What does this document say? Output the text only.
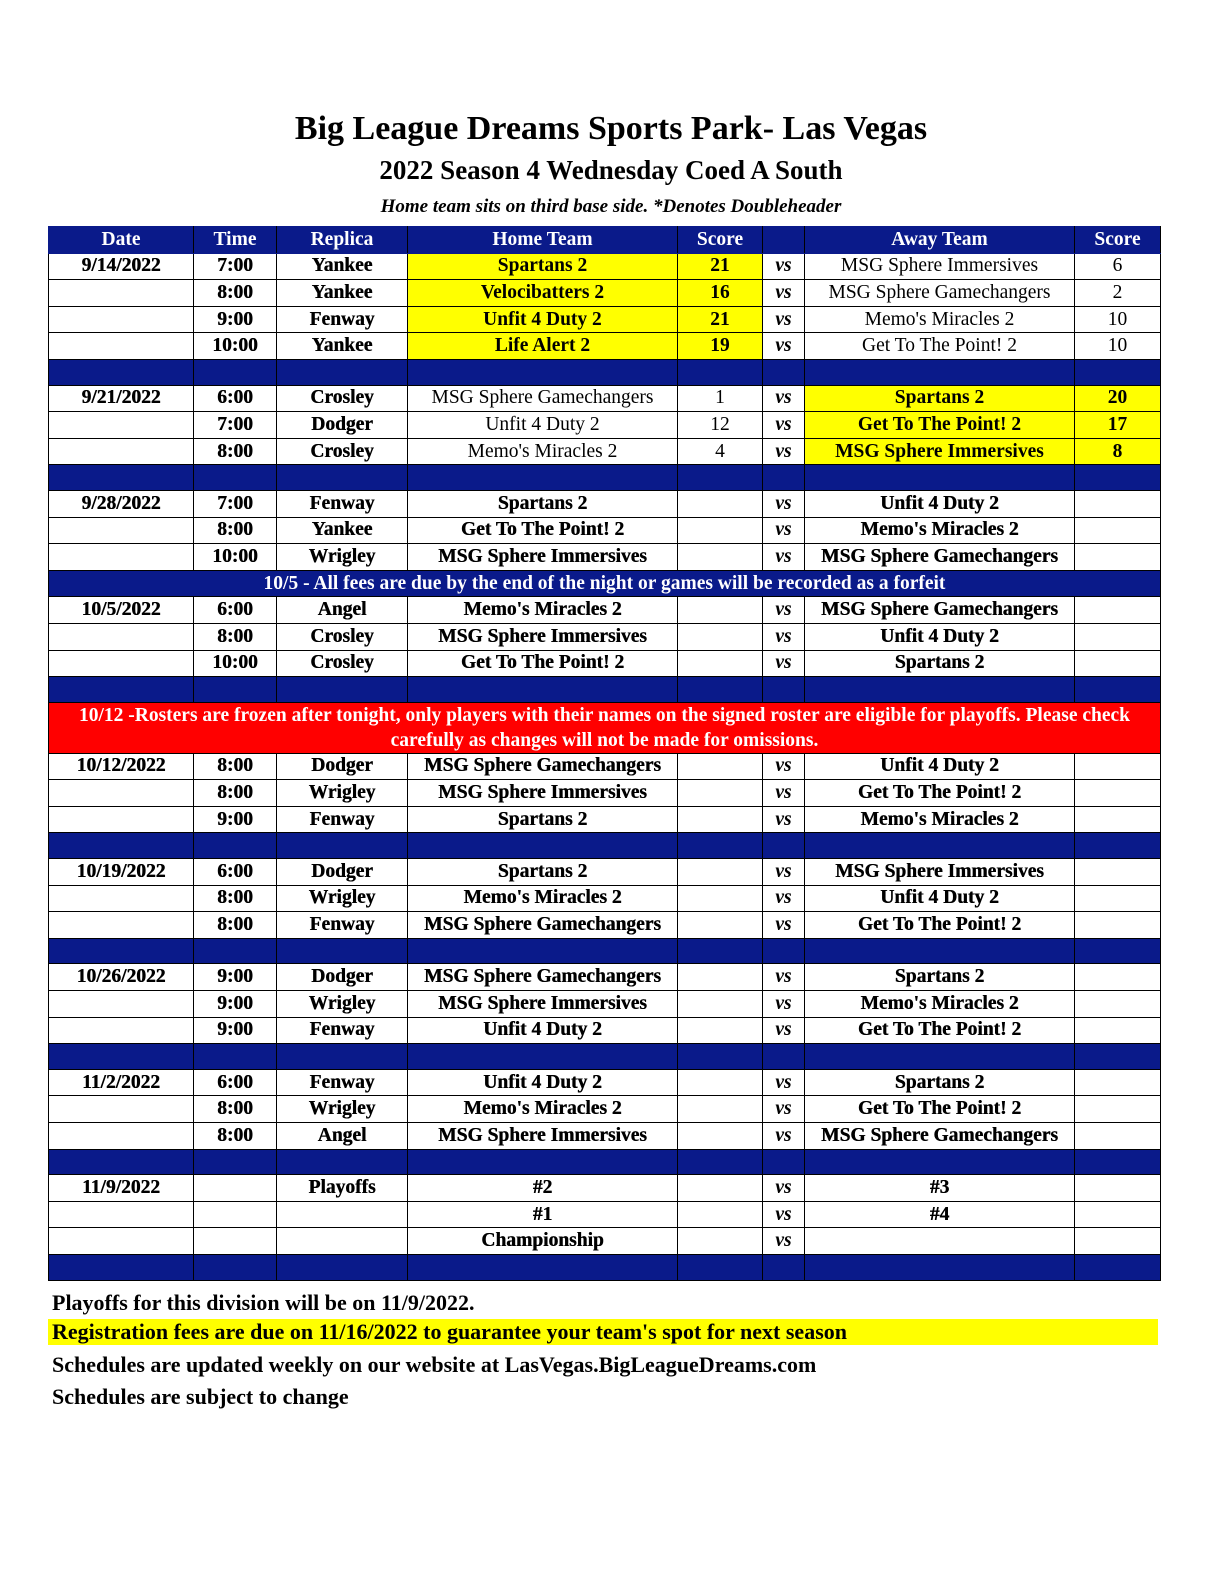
Big League Dreams Sports Park- Las Vegas
2022 Season 4 Wednesday Coed A South
Home team sits on third base side. *Denotes Doubleheader
Date	Time	Replica	Home Team	Score		Away Team	Score
9/14/2022	7:00	Yankee	Spartans 2	21	vs	MSG Sphere Immersives	6
	8:00	Yankee	Velocibatters 2	16	vs	MSG Sphere Gamechangers	2
	9:00	Fenway	Unfit 4 Duty 2	21	vs	Memo's Miracles 2	10
	10:00	Yankee	Life Alert 2	19	vs	Get To The Point! 2	10

9/21/2022	6:00	Crosley	MSG Sphere Gamechangers	1	vs	Spartans 2	20
	7:00	Dodger	Unfit 4 Duty 2	12	vs	Get To The Point! 2	17
	8:00	Crosley	Memo's Miracles 2	4	vs	MSG Sphere Immersives	8

9/28/2022	7:00	Fenway	Spartans 2		vs	Unfit 4 Duty 2	
	8:00	Yankee	Get To The Point! 2		vs	Memo's Miracles 2	
	10:00	Wrigley	MSG Sphere Immersives		vs	MSG Sphere Gamechangers	
10/5 - All fees are due by the end of the night or games will be recorded as a forfeit							
10/5/2022	6:00	Angel	Memo's Miracles 2		vs	MSG Sphere Gamechangers	
	8:00	Crosley	MSG Sphere Immersives		vs	Unfit 4 Duty 2	
	10:00	Crosley	Get To The Point! 2		vs	Spartans 2	

10/12 -Rosters are frozen after tonight, only players with their names on the signed roster are eligible for playoffs. Please check carefully as changes will not be made for omissions.							
10/12/2022	8:00	Dodger	MSG Sphere Gamechangers		vs	Unfit 4 Duty 2	
	8:00	Wrigley	MSG Sphere Immersives		vs	Get To The Point! 2	
	9:00	Fenway	Spartans 2		vs	Memo's Miracles 2	

10/19/2022	6:00	Dodger	Spartans 2		vs	MSG Sphere Immersives	
	8:00	Wrigley	Memo's Miracles 2		vs	Unfit 4 Duty 2	
	8:00	Fenway	MSG Sphere Gamechangers		vs	Get To The Point! 2	

10/26/2022	9:00	Dodger	MSG Sphere Gamechangers		vs	Spartans 2	
	9:00	Wrigley	MSG Sphere Immersives		vs	Memo's Miracles 2	
	9:00	Fenway	Unfit 4 Duty 2		vs	Get To The Point! 2	

11/2/2022	6:00	Fenway	Unfit 4 Duty 2		vs	Spartans 2	
	8:00	Wrigley	Memo's Miracles 2		vs	Get To The Point! 2	
	8:00	Angel	MSG Sphere Immersives		vs	MSG Sphere Gamechangers	

11/9/2022		Playoffs	#2		vs	#3	
			#1		vs	#4	
			Championship		vs		

Playoffs for this division will be on 11/9/2022.
Registration fees are due on 11/16/2022 to guarantee your team's spot for next season
Schedules are updated weekly on our website at LasVegas.BigLeagueDreams.com
Schedules are subject to change
